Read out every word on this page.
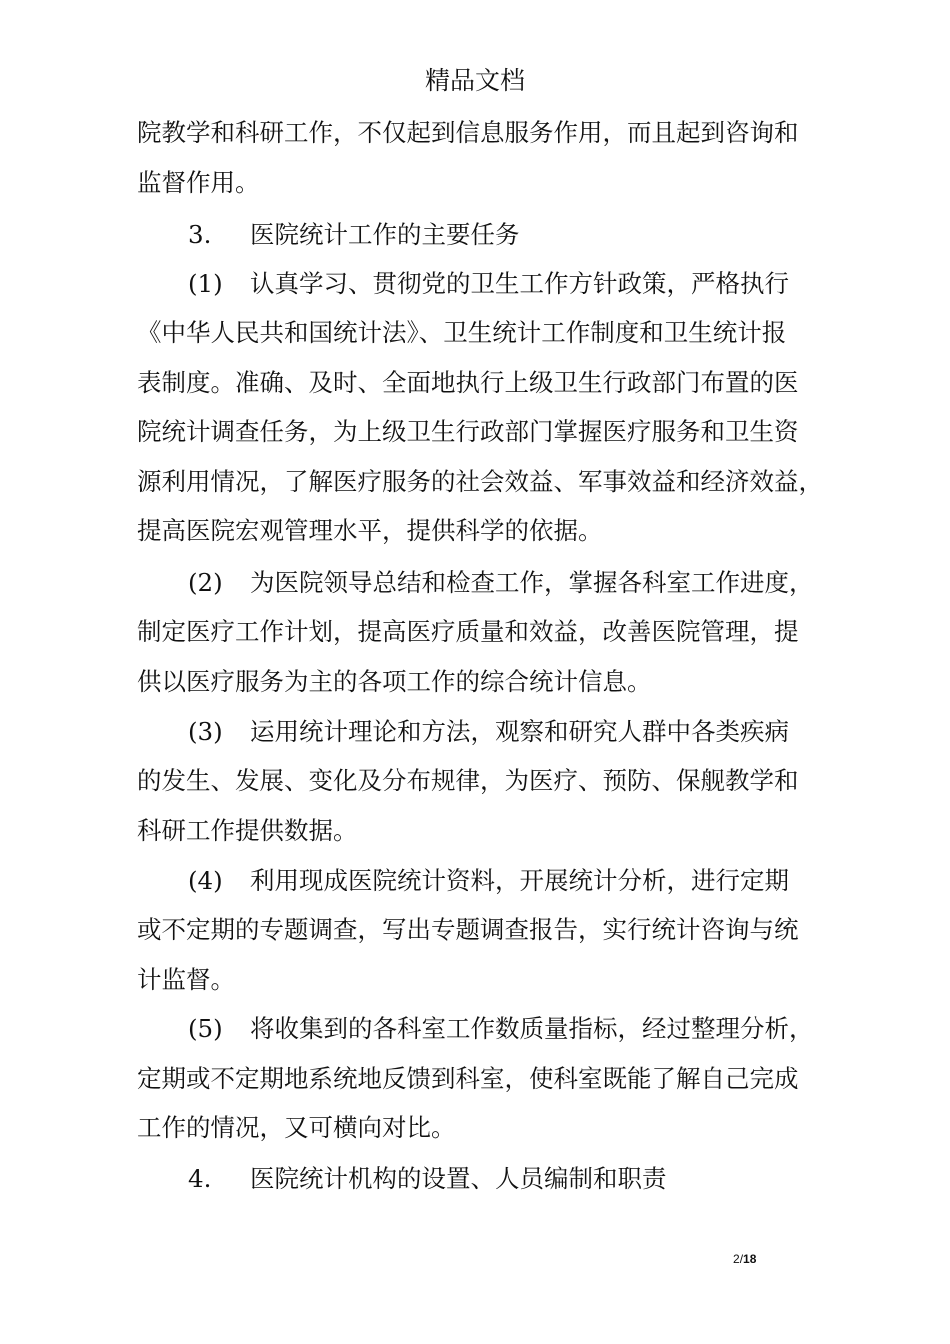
精品文档
院教学和科研工作，不仅起到信息服务作用，而且起到咨询和
监督作用。
3. 医院统计工作的主要任务
(1) 认真学习、贯彻党的卫生工作方针政策，严格执行
《中华人民共和国统计法》、卫生统计工作制度和卫生统计报
表制度。准确、及时、全面地执行上级卫生行政部门布置的医
院统计调查任务，为上级卫生行政部门掌握医疗服务和卫生资
源利用情况，了解医疗服务的社会效益、军事效益和经济效益，
提高医院宏观管理水平，提供科学的依据。
(2) 为医院领导总结和检查工作，掌握各科室工作进度，
制定医疗工作计划，提高医疗质量和效益，改善医院管理，提
供以医疗服务为主的各项工作的综合统计信息。
(3) 运用统计理论和方法，观察和研究人群中各类疾病
的发生、发展、变化及分布规律，为医疗、预防、保舰教学和
科研工作提供数据。
(4) 利用现成医院统计资料，开展统计分析，进行定期
或不定期的专题调查，写出专题调查报告，实行统计咨询与统
计监督。
(5) 将收集到的各科室工作数质量指标，经过整理分析，
定期或不定期地系统地反馈到科室，使科室既能了解自己完成
工作的情况，又可横向对比。
4. 医院统计机构的设置、人员编制和职责
2/18
